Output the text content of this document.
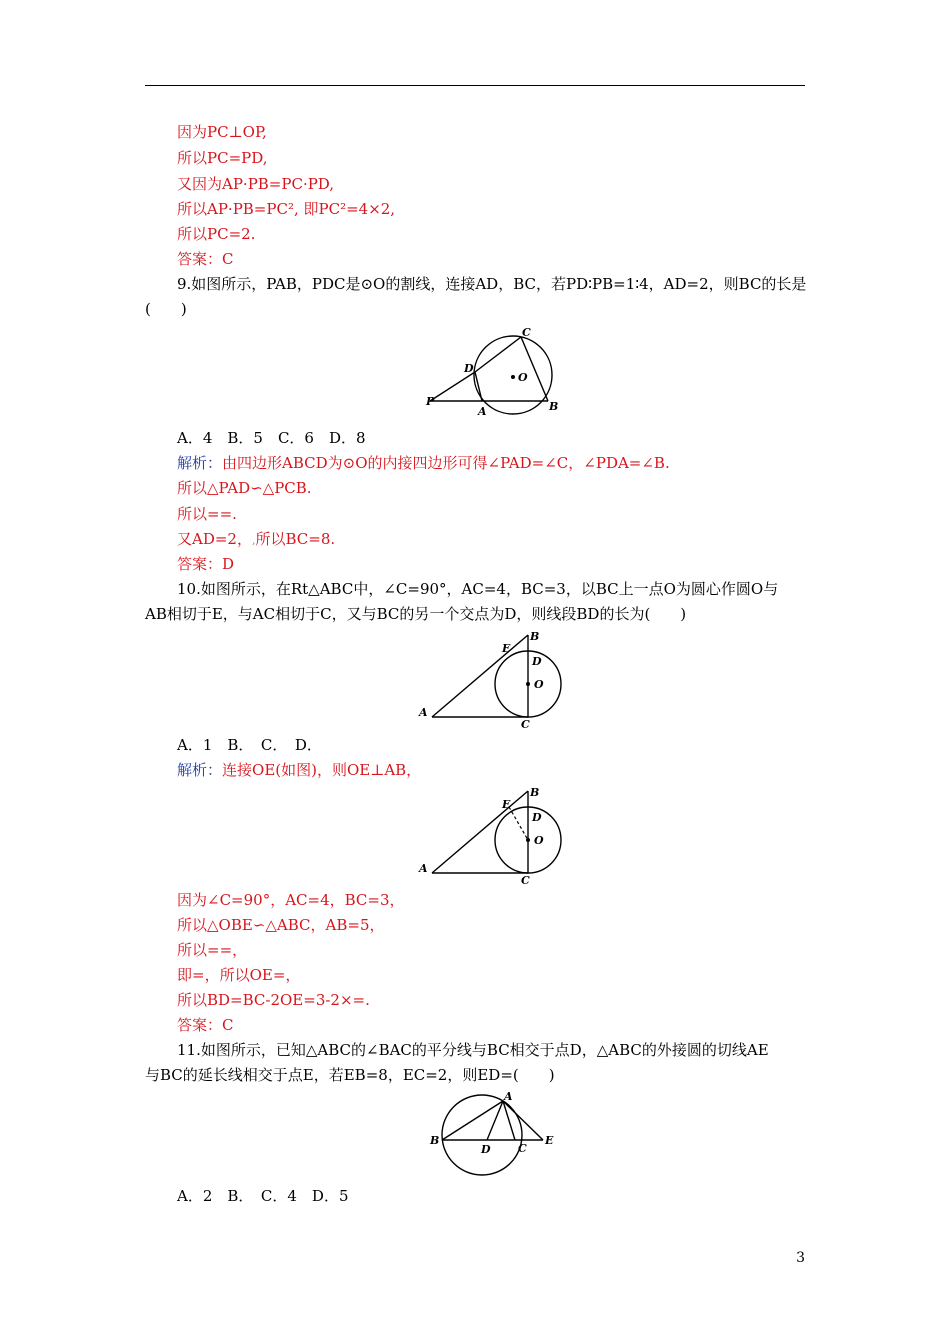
因为PC⊥OP,
所以PC=PD,
又因为AP·PB=PC·PD,
所以AP·PB=PC², 即PC²=4×2,
所以PC=2.
答案：C
9.如图所示，PAB，PDC是⊙O的割线，连接AD，BC，若PD∶PB=1∶4，AD=2，则BC的长是
(　　)
C
D
O
P
A	B
A．4　B．5　C．6　D．8
解析：由四边形ABCD为⊙O的内接四边形可得∠PAD=∠C，∠PDA=∠B.
所以△PAD∽△PCB.
所以==.
又AD=2，,所以BC=8.
答案：D
10.如图所示，在Rt△ABC中，∠C=90°，AC=4，BC=3，以BC上一点O为圆心作圆O与
AB相切于E，与AC相切于C，又与BC的另一个交点为D，则线段BD的长为(　　)
E
B
D
O
A
C
A．1　B．　C．　D．
解析：连接OE(如图)，则OE⊥AB，
E
B
D
O
A
C
因为∠C=90°，AC=4，BC=3，
所以△OBE∽△ABC，AB=5，
所以==，
即=，所以OE=，
所以BD=BC-2OE=3-2×=.
答案：C
11.如图所示，已知△ABC的∠BAC的平分线与BC相交于点D，△ABC的外接圆的切线AE
与BC的延长线相交于点E，若EB=8，EC=2，则ED=(　　)
A
B
D C
E
A．2　B．　C．4　D．5
3
